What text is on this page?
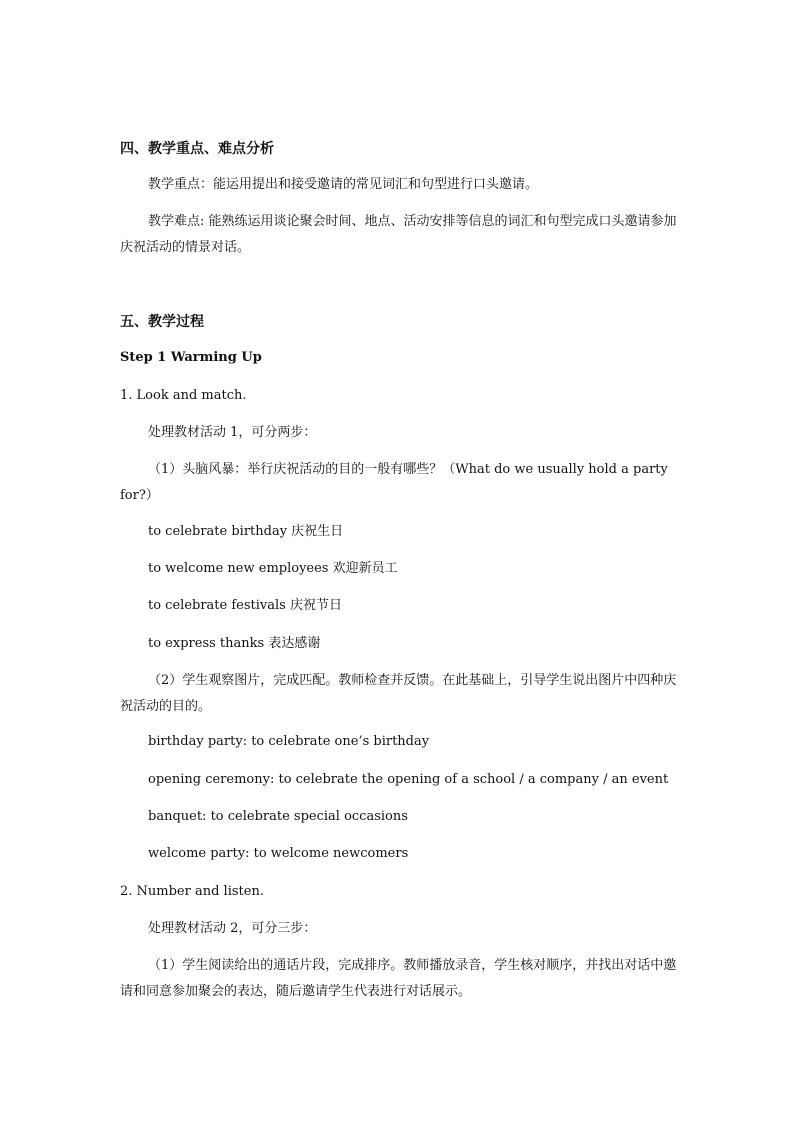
四、教学重点、难点分析
教学重点：能运用提出和接受邀请的常见词汇和句型进行口头邀请。
教学难点: 能熟练运用谈论聚会时间、地点、活动安排等信息的词汇和句型完成口头邀请参加庆祝活动的情景对话。
五、教学过程
Step 1 Warming Up
1. Look and match.
处理教材活动 1，可分两步：
（1）头脑风暴：举行庆祝活动的目的一般有哪些？（What do we usually hold a party for?）
to celebrate birthday 庆祝生日
to welcome new employees 欢迎新员工
to celebrate festivals 庆祝节日
to express thanks 表达感谢
（2）学生观察图片，完成匹配。教师检查并反馈。在此基础上，引导学生说出图片中四种庆祝活动的目的。
birthday party: to celebrate one’s birthday
opening ceremony: to celebrate the opening of a school / a company / an event
banquet: to celebrate special occasions
welcome party: to welcome newcomers
2. Number and listen.
处理教材活动 2，可分三步：
（1）学生阅读给出的通话片段，完成排序。教师播放录音，学生核对顺序，并找出对话中邀请和同意参加聚会的表达，随后邀请学生代表进行对话展示。
